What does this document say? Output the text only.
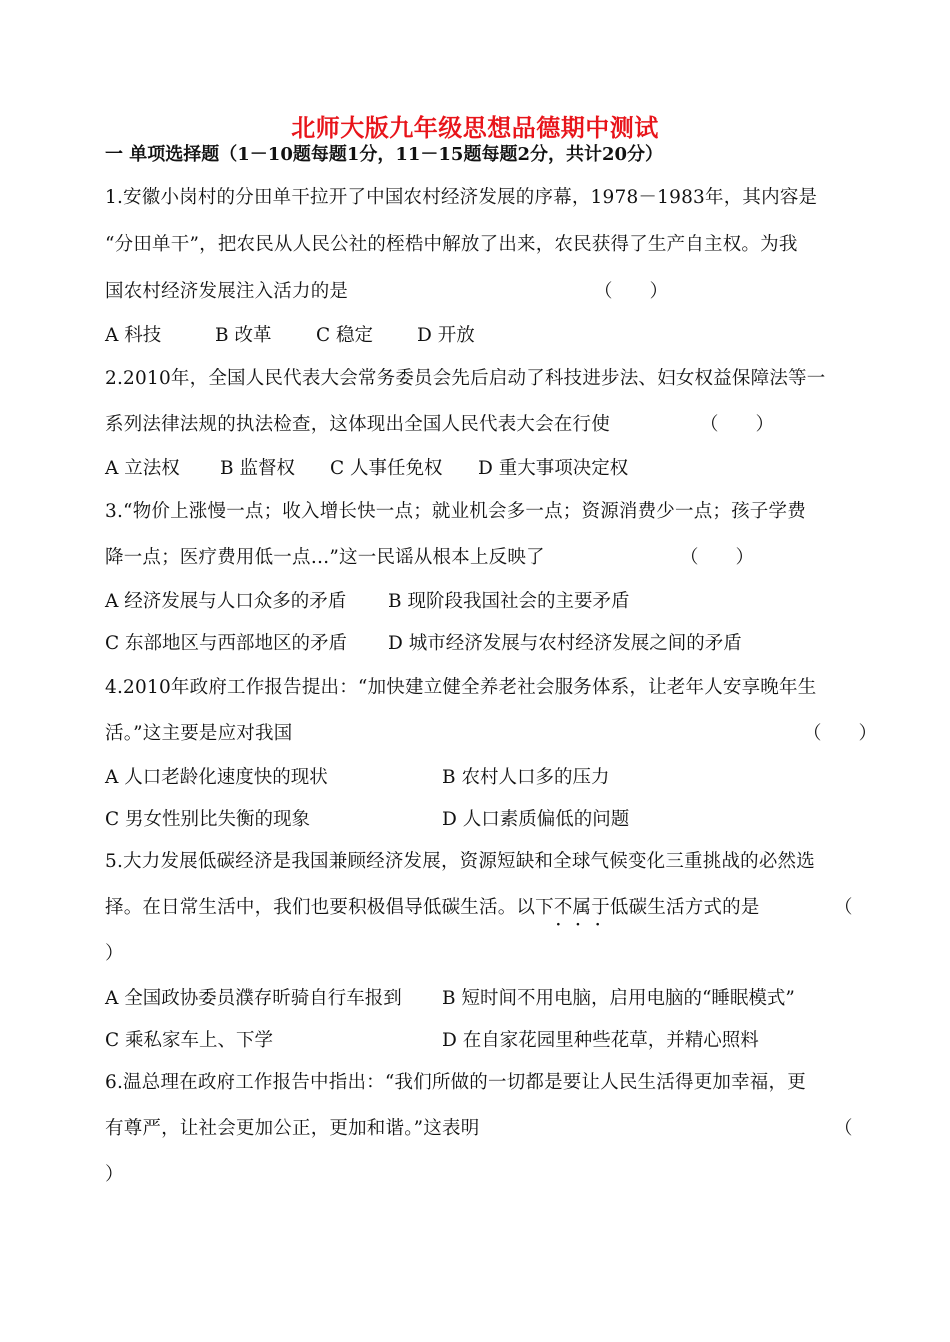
北师大版九年级思想品德期中测试
一 单项选择题（1－10题每题1分，11－15题每题2分，共计20分）
1.安徽小岗村的分田单干拉开了中国农村经济发展的序幕，1978－1983年，其内容是
“分田单干”，把农民从人民公社的桎梏中解放了出来，农民获得了生产自主权。为我
国农村经济发展注入活力的是	（　　）
A 科技	B 改革 C 稳定 D 开放
2.2010年，全国人民代表大会常务委员会先后启动了科技进步法、妇女权益保障法等一
系列法律法规的执法检查，这体现出全国人民代表大会在行使	（　　）
A 立法权 B 监督权 C 人事任免权 D 重大事项决定权
3.“物价上涨慢一点；收入增长快一点；就业机会多一点；资源消费少一点；孩子学费
降一点；医疗费用低一点…”这一民谣从根本上反映了	（　　）
A 经济发展与人口众多的矛盾 B 现阶段我国社会的主要矛盾
C 东部地区与西部地区的矛盾 D 城市经济发展与农村经济发展之间的矛盾
4.2010年政府工作报告提出：“加快建立健全养老社会服务体系，让老年人安享晚年生
活。”这主要是应对我国	（　　）
A 人口老龄化速度快的现状	B 农村人口多的压力
C 男女性别比失衡的现象	D 人口素质偏低的问题
5.大力发展低碳经济是我国兼顾经济发展，资源短缺和全球气候变化三重挑战的必然选
择。在日常生活中，我们也要积极倡导低碳生活。以下不属于 · · ·低碳生活方式的是	（
）
A 全国政协委员濮存昕骑自行车报到 B 短时间不用电脑，启用电脑的“睡眠模式”
C 乘私家车上、下学	D 在自家花园里种些花草，并精心照料
6.温总理在政府工作报告中指出：“我们所做的一切都是要让人民生活得更加幸福，更
有尊严，让社会更加公正，更加和谐。”这表明	（
）
